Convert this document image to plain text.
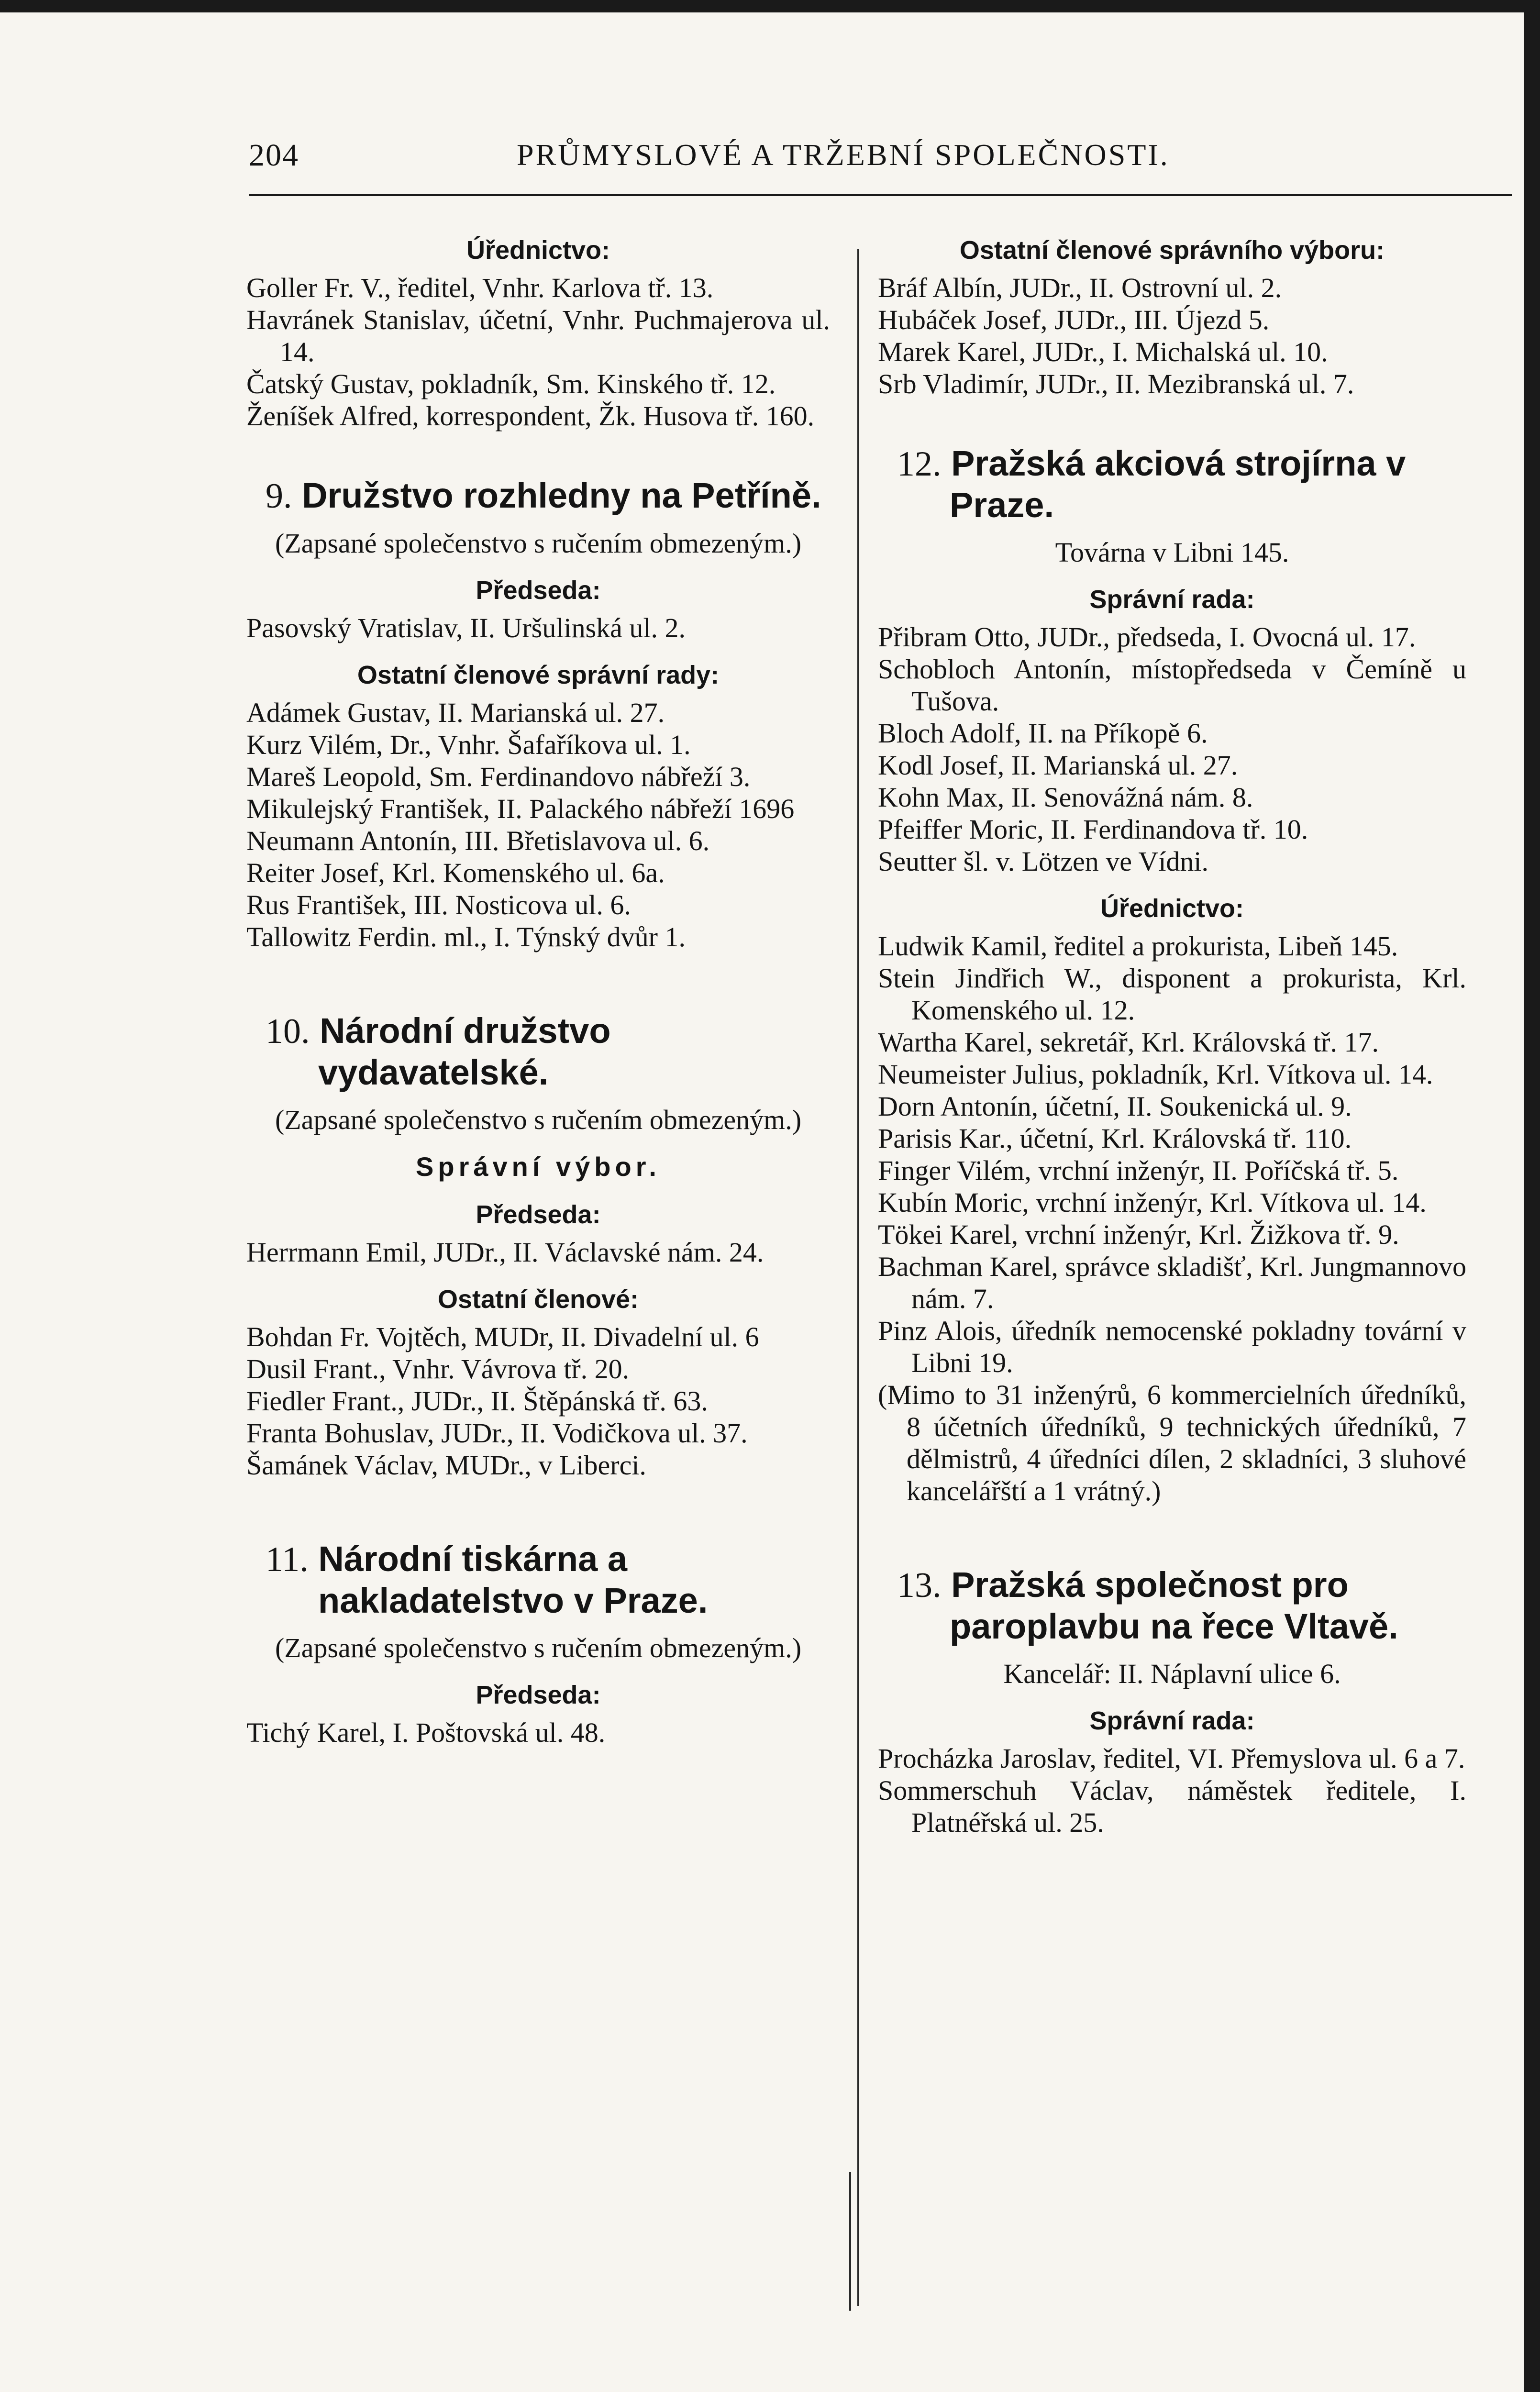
204	PRŮMYSLOVÉ A TRŽEBNÍ SPOLEČNOSTI.
Úřednictvo:
Goller Fr. V., ředitel, Vnhr. Karlova tř. 13.
Havránek Stanislav, účetní, Vnhr. Puchmajerova ul. 14.
Čatský Gustav, pokladník, Sm. Kinského tř. 12.
Ženíšek Alfred, korrespondent, Žk. Husova tř. 160.
9. Družstvo rozhledny na Petříně.
(Zapsané společenstvo s ručením obmezeným.)
Předseda:
Pasovský Vratislav, II. Uršulinská ul. 2.
Ostatní členové správní rady:
Adámek Gustav, II. Marianská ul. 27.
Kurz Vilém, Dr., Vnhr. Šafaříkova ul. 1.
Mareš Leopold, Sm. Ferdinandovo nábřeží 3.
Mikulejský František, II. Palackého nábřeží 1696
Neumann Antonín, III. Břetislavova ul. 6.
Reiter Josef, Krl. Komenského ul. 6a.
Rus František, III. Nosticova ul. 6.
Tallowitz Ferdin. ml., I. Týnský dvůr 1.
10. Národní družstvo vydavatelské.
(Zapsané společenstvo s ručením obmezeným.)
Správní výbor.
Předseda:
Herrmann Emil, JUDr., II. Václavské nám. 24.
Ostatní členové:
Bohdan Fr. Vojtěch, MUDr, II. Divadelní ul. 6
Dusil Frant., Vnhr. Vávrova tř. 20.
Fiedler Frant., JUDr., II. Štěpánská tř. 63.
Franta Bohuslav, JUDr., II. Vodičkova ul. 37.
Šamánek Václav, MUDr., v Liberci.
11. Národní tiskárna a nakladatelstvo v Praze.
(Zapsané společenstvo s ručením obmezeným.)
Předseda:
Tichý Karel, I. Poštovská ul. 48.
Ostatní členové správního výboru:
Bráf Albín, JUDr., II. Ostrovní ul. 2.
Hubáček Josef, JUDr., III. Újezd 5.
Marek Karel, JUDr., I. Michalská ul. 10.
Srb Vladimír, JUDr., II. Mezibranská ul. 7.
12. Pražská akciová strojírna v Praze.
Továrna v Libni 145.
Správní rada:
Přibram Otto, JUDr., předseda, I. Ovocná ul. 17.
Schobloch Antonín, místopředseda v Čemíně u Tušova.
Bloch Adolf, II. na Příkopě 6.
Kodl Josef, II. Marianská ul. 27.
Kohn Max, II. Senovážná nám. 8.
Pfeiffer Moric, II. Ferdinandova tř. 10.
Seutter šl. v. Lötzen ve Vídni.
Úřednictvo:
Ludwik Kamil, ředitel a prokurista, Libeň 145.
Stein Jindřich W., disponent a prokurista, Krl. Komenského ul. 12.
Wartha Karel, sekretář, Krl. Královská tř. 17.
Neumeister Julius, pokladník, Krl. Vítkova ul. 14.
Dorn Antonín, účetní, II. Soukenická ul. 9.
Parisis Kar., účetní, Krl. Královská tř. 110.
Finger Vilém, vrchní inženýr, II. Poříčská tř. 5.
Kubín Moric, vrchní inženýr, Krl. Vítkova ul. 14.
Tökei Karel, vrchní inženýr, Krl. Žižkova tř. 9.
Bachman Karel, správce skladišť, Krl. Jungmannovo nám. 7.
Pinz Alois, úředník nemocenské pokladny tovární v Libni 19.
(Mimo to 31 inženýrů, 6 kommercielních úředníků, 8 účetních úředníků, 9 technických úředníků, 7 dělmistrů, 4 úředníci dílen, 2 skladníci, 3 sluhové kancelářští a 1 vrátný.)
13. Pražská společnost pro paroplavbu na řece Vltavě.
Kancelář: II. Náplavní ulice 6.
Správní rada:
Procházka Jaroslav, ředitel, VI. Přemyslova ul. 6 a 7.
Sommerschuh Václav, náměstek ředitele, I. Platnéřská ul. 25.
